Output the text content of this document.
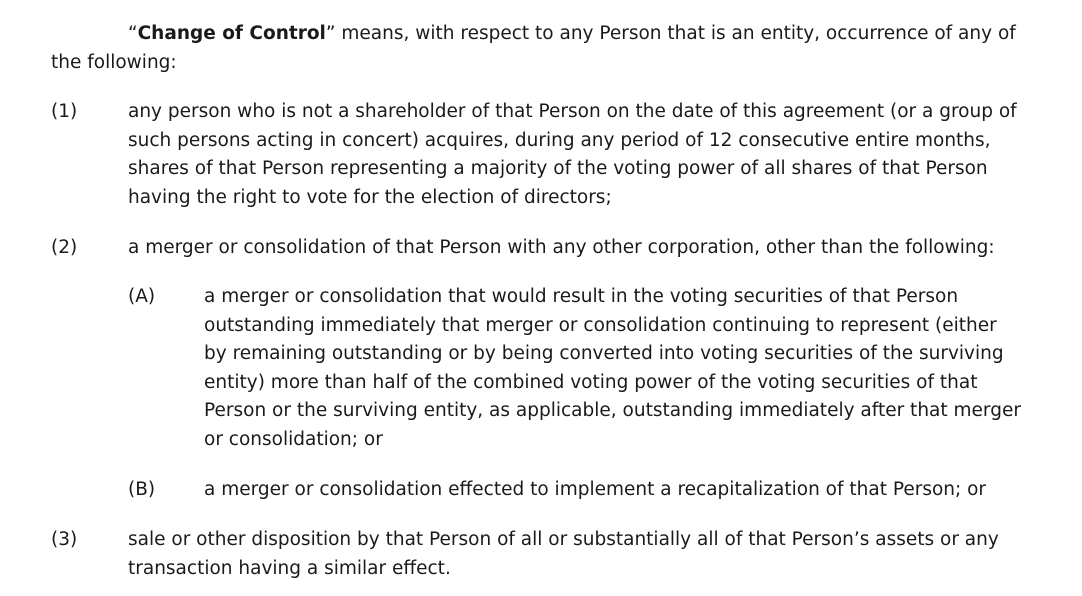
“Change of Control” means, with respect to any Person that is an entity, occurrence of any of
the following:
(1)	any person who is not a shareholder of that Person on the date of this agreement (or a group of
such persons acting in concert) acquires, during any period of 12 consecutive entire months,
shares of that Person representing a majority of the voting power of all shares of that Person
having the right to vote for the election of directors;
(2)	a merger or consolidation of that Person with any other corporation, other than the following:
(A)	a merger or consolidation that would result in the voting securities of that Person
outstanding immediately that merger or consolidation continuing to represent (either
by remaining outstanding or by being converted into voting securities of the surviving
entity) more than half of the combined voting power of the voting securities of that
Person or the surviving entity, as applicable, outstanding immediately after that merger
or consolidation; or
(B)	a merger or consolidation effected to implement a recapitalization of that Person; or
(3)	sale or other disposition by that Person of all or substantially all of that Person’s assets or any
transaction having a similar effect.
